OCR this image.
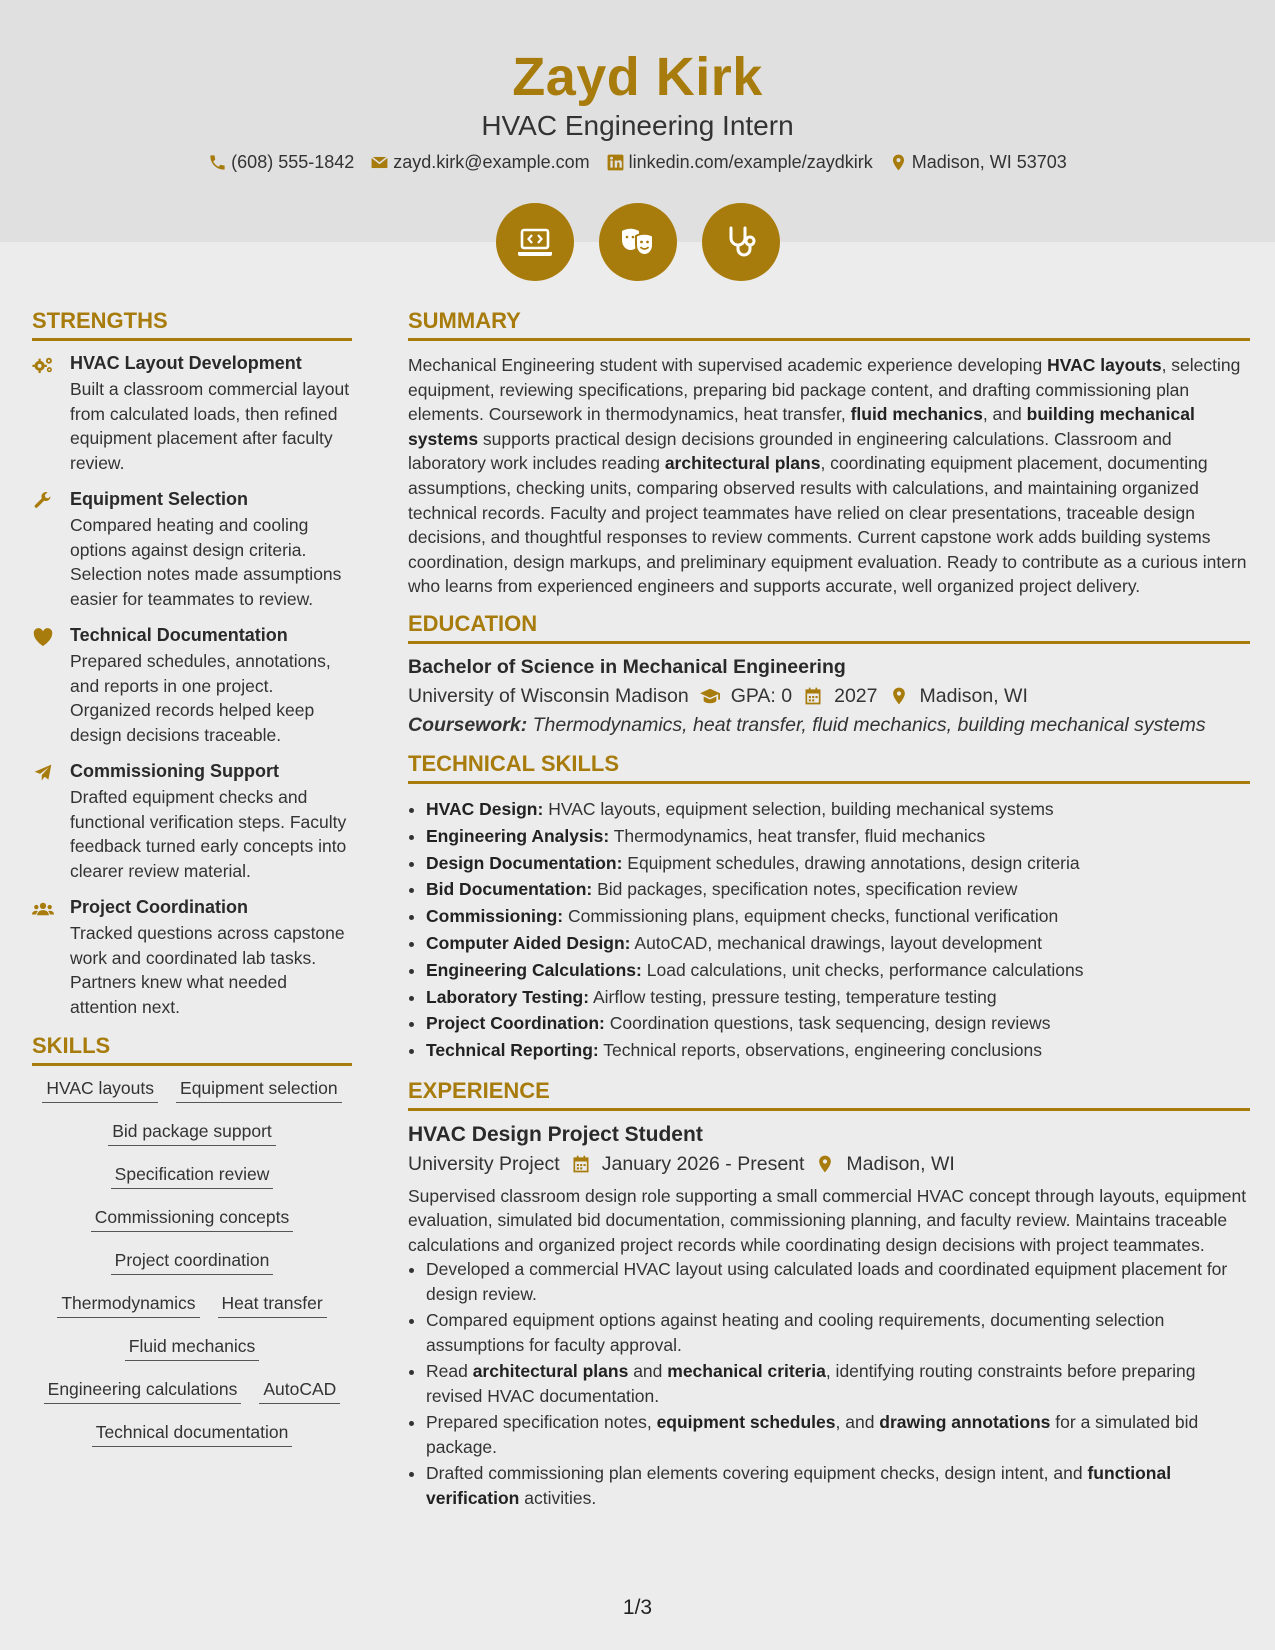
Zayd Kirk
HVAC Engineering Intern
(608) 555-1842 zayd.kirk@example.com linkedin.com/example/zaydkirk Madison, WI 53703
STRENGTHS
HVAC Layout Development

Built a classroom commercial layout from calculated loads, then refined equipment placement after faculty review.

Equipment Selection

Compared heating and cooling options against design criteria. Selection notes made assumptions easier for teammates to review.

Technical Documentation

Prepared schedules, annotations, and reports in one project. Organized records helped keep design decisions traceable.

Commissioning Support

Drafted equipment checks and functional verification steps. Faculty feedback turned early concepts into clearer review material.

Project Coordination

Tracked questions across capstone work and coordinated lab tasks. Partners knew what needed attention next.

SKILLS
HVAC layouts Equipment selection
Bid package support
Specification review
Commissioning concepts
Project coordination
Thermodynamics Heat transfer
Fluid mechanics
Engineering calculations AutoCAD
Technical documentation
SUMMARY

Mechanical Engineering student with supervised academic experience developing HVAC layouts, selecting equipment, reviewing specifications, preparing bid package content, and drafting commissioning plan elements. Coursework in thermodynamics, heat transfer, fluid mechanics, and building mechanical systems supports practical design decisions grounded in engineering calculations. Classroom and laboratory work includes reading architectural plans, coordinating equipment placement, documenting assumptions, checking units, comparing observed results with calculations, and maintaining organized technical records. Faculty and project teammates have relied on clear presentations, traceable design decisions, and thoughtful responses to review comments. Current capstone work adds building systems coordination, design markups, and preliminary equipment evaluation. Ready to contribute as a curious intern who learns from experienced engineers and supports accurate, well organized project delivery.

EDUCATION
Bachelor of Science in Mechanical Engineering
University of Wisconsin Madison GPA: 0 2027 Madison, WI
Coursework: Thermodynamics, heat transfer, fluid mechanics, building mechanical systems
TECHNICAL SKILLS
• HVAC Design: HVAC layouts, equipment selection, building mechanical systems
• Engineering Analysis: Thermodynamics, heat transfer, fluid mechanics
• Design Documentation: Equipment schedules, drawing annotations, design criteria
• Bid Documentation: Bid packages, specification notes, specification review
• Commissioning: Commissioning plans, equipment checks, functional verification
• Computer Aided Design: AutoCAD, mechanical drawings, layout development
• Engineering Calculations: Load calculations, unit checks, performance calculations
• Laboratory Testing: Airflow testing, pressure testing, temperature testing
• Project Coordination: Coordination questions, task sequencing, design reviews
• Technical Reporting: Technical reports, observations, engineering conclusions
EXPERIENCE
HVAC Design Project Student
University Project January 2026 - Present Madison, WI

Supervised classroom design role supporting a small commercial HVAC concept through layouts, equipment evaluation, simulated bid documentation, commissioning planning, and faculty review. Maintains traceable calculations and organized project records while coordinating design decisions with project teammates.

• Developed a commercial HVAC layout using calculated loads and coordinated equipment placement for design review.
• Compared equipment options against heating and cooling requirements, documenting selection assumptions for faculty approval.
• Read architectural plans and mechanical criteria, identifying routing constraints before preparing revised HVAC documentation.
• Prepared specification notes, equipment schedules, and drawing annotations for a simulated bid package.
• Drafted commissioning plan elements covering equipment checks, design intent, and functional verification activities.
1/3
